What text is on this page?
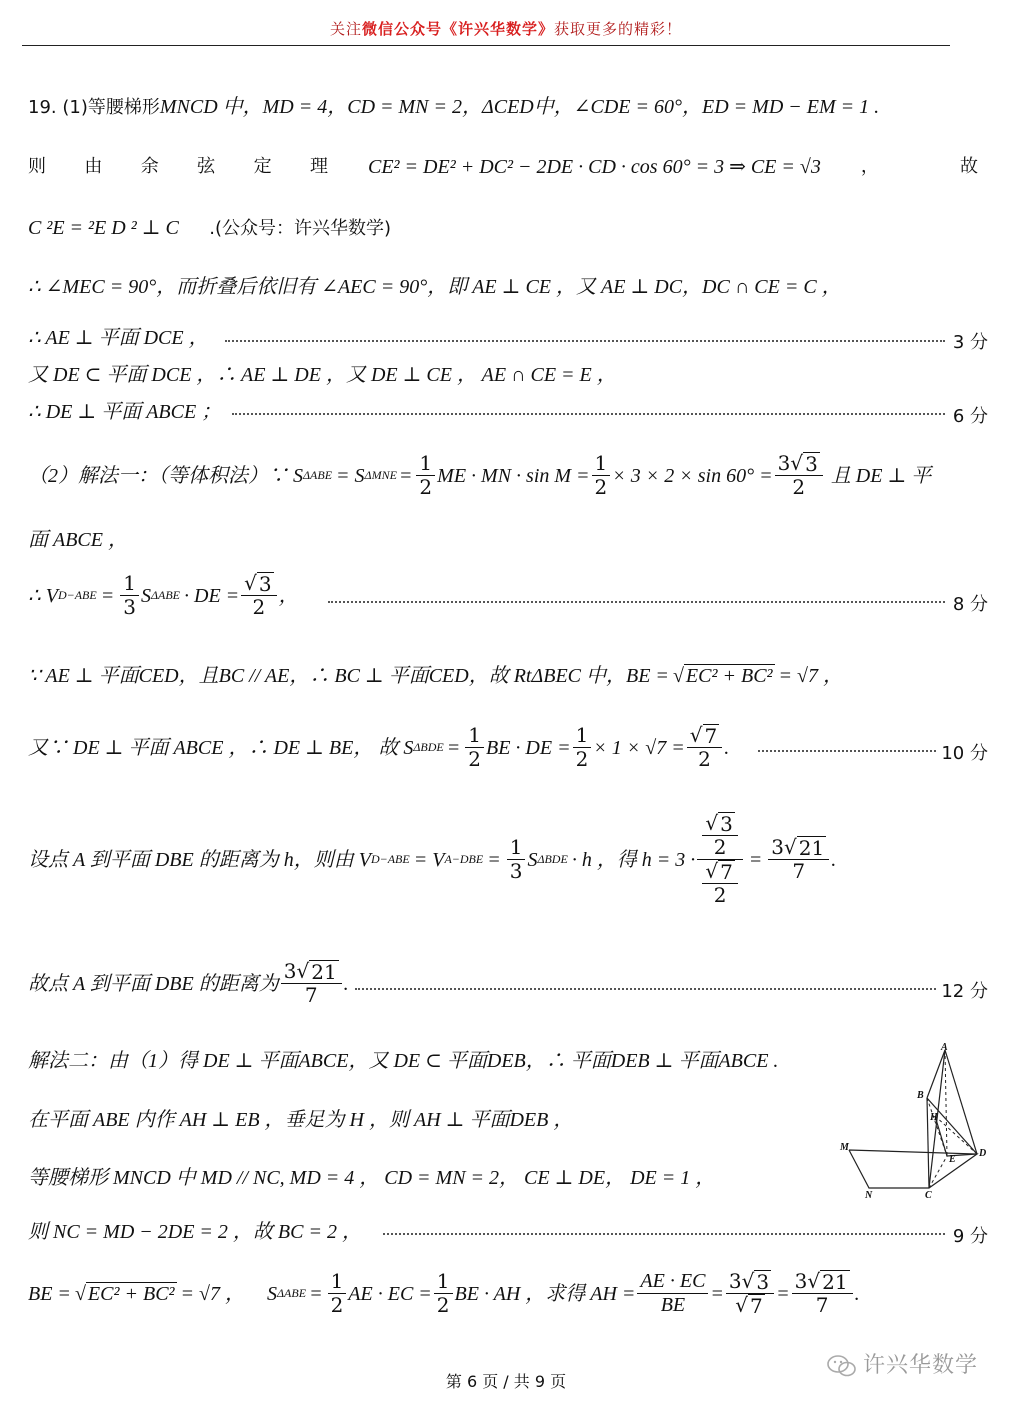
关注微信公众号《许兴华数学》获取更多的精彩！
19. (1)等腰梯形MNCD 中，MD = 4，CD = MN = 2，ΔCED中，∠CDE = 60°，ED = MD − EM = 1 .
则 由 余 弦 定 理 CE² = DE² + DC² − 2DE · CD · cos 60° = 3 ⇒ CE = √3 ，	故
C ²E = ²E D ² ⊥ C .(公众号：许兴华数学)
∴ ∠MEC = 90°，而折叠后依旧有 ∠AEC = 90°，即 AE ⊥ CE ，又 AE ⊥ DC，DC ∩ CE = C ，
∴ AE ⊥ 平面 DCE ，	3 分
又 DE ⊂ 平面 DCE ，∴ AE ⊥ DE ，又 DE ⊥ CE ， AE ∩ CE = E ，
∴ DE ⊥ 平面 ABCE ；	6 分
（2）解法一：（等体积法）∵ S ΔABE = S $\Delta MNE = \frac{1}{2}$ ME · MN · $\sin M = \frac{1}{2} \times 3 \times 2 \times \sin 60^\circ = \frac{3√ 3}{2}$ 且 DE ⊥ 平
面 ABCE ，
∴ V $D-ABE = \frac{1}{3}$ S ΔABE · DE = $\frac{√ 3}{2}$ ，	8 分
∵ AE ⊥ 平面CED，且BC // AE，∴ BC ⊥ 平面CED，故 RtΔBEC 中，BE = √ EC² + BC² = √7 ，
又∵ DE ⊥ 平面 ABCE ，∴ DE ⊥ BE， 故 S $\Delta BDE = \frac{1}{2}$ BE · DE = $\frac{1}{2} \times 1 \times √7 = \frac{√ 7}{2}$ .	10 分
设点 A 到平面 DBE 的距离为 h，则由 V D−ABE = V $A-DBE = \frac{1}{3}$ S ΔBDE · h ，得 $h = 3 \cdot \frac{\frac{√ 3}{2}}{\frac{√ 7}{2}} = \frac{3√ 21}{7}$ .
故点 A 到平面 DBE 的距离为 $\frac{3√ 21}{7}$ .	12 分
解法二：由（1）得 DE ⊥ 平面ABCE，又 DE ⊂ 平面DEB，∴ 平面DEB ⊥ 平面ABCE .
在平面 ABE 内作 AH ⊥ EB ，垂足为 H ，则 AH ⊥ 平面DEB ，
等腰梯形 MNCD 中 MD // NC, MD = 4 ， CD = MN = 2， CE ⊥ DE， DE = 1 ，
则 NC = MD − 2DE = 2 ，故 BC = 2 ，	9 分
BE = √ EC² + BC² = √7 ， S $\Delta ABE = \frac{1}{2}$ AE · EC = $\frac{1}{2}$ BE · AH ，求得 AH = $\frac{AE \cdot EC}{BE} = \frac{3√ 3}{√ 7} = \frac{3√ 21}{7}$ .
A
B
H
M
N	C
E
D
许兴华数学
第 6 页 / 共 9 页
